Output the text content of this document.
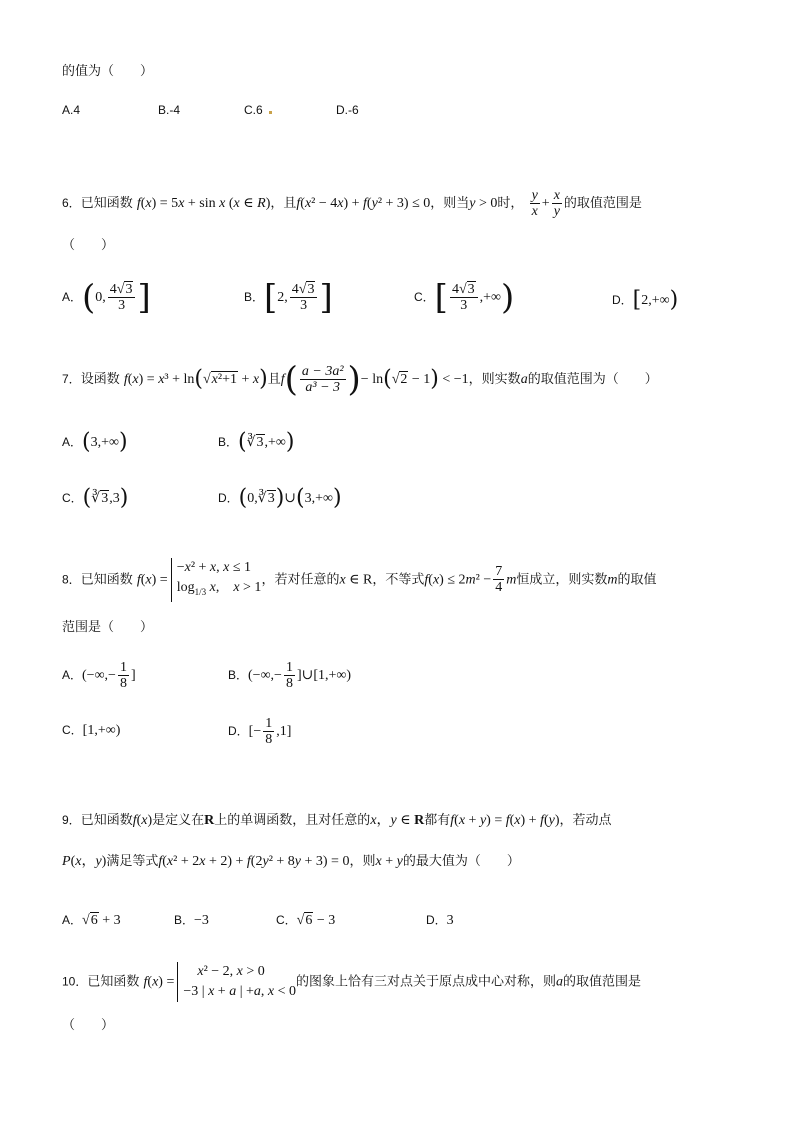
的值为（　　）
A.4	B.-4	C.6	D.-6
6．已知函数 f(x) = 5x + sin x (x ∈ R)，且f(x² − 4x) + f(y² + 3) ≤ 0，则当y > 0时， $\frac{y}{x} + \frac{x}{y}$ 的取值范围是
（　　）
A．(0, $\frac{4√3}{3}$ ]	B．[2, $\frac{4√3}{3}$ ]	C．[ $\frac{4√3}{3}$ ,+∞)	D．[2,+∞)
7．设函数 f(x) = x³ + ln(√x²+1 + x)且$f( \frac{\text{a − 3a²}}{\text{a³ − 3}}$ )− ln(√2 − 1) < −1，则实数a的取值范围为（　　）
A．(3,+∞)	B．(∛3,+∞)
C．(∛3,3)	D．(0,∛3)∪(3,+∞)
8．已知函数 f(x) =
−x² + x, x ≤ 1
$\log_{1/3} x$,　x > 1
，若对任意的x ∈ R，不等式$f(x) \le 2m^2 - \frac{7}{4}$ m恒成立，则实数m的取值
范围是（　　）
A．(−∞,− $\frac{1}{8}$ ]	B．(−∞,− $\frac{1}{8}$ ]∪[1,+∞)
C．[1,+∞)	D．[− $\frac{1}{8} ,1$]
9．已知函数f(x)是定义在R上的单调函数，且对任意的x，y ∈ R都有f(x + y) = f(x) + f(y)，若动点
P(x，y)满足等式f(x² + 2x + 2) + f(2y² + 8y + 3) = 0，则x + y的最大值为（　　）
A．√6 + 3	B．−3	C．√6 − 3	D．3
10．已知函数 f(x) =
　x² − 2, x > 0
−3 | x + a | +a, x < 0
的图象上恰有三对点关于原点成中心对称，则a的取值范围是
（　　）
